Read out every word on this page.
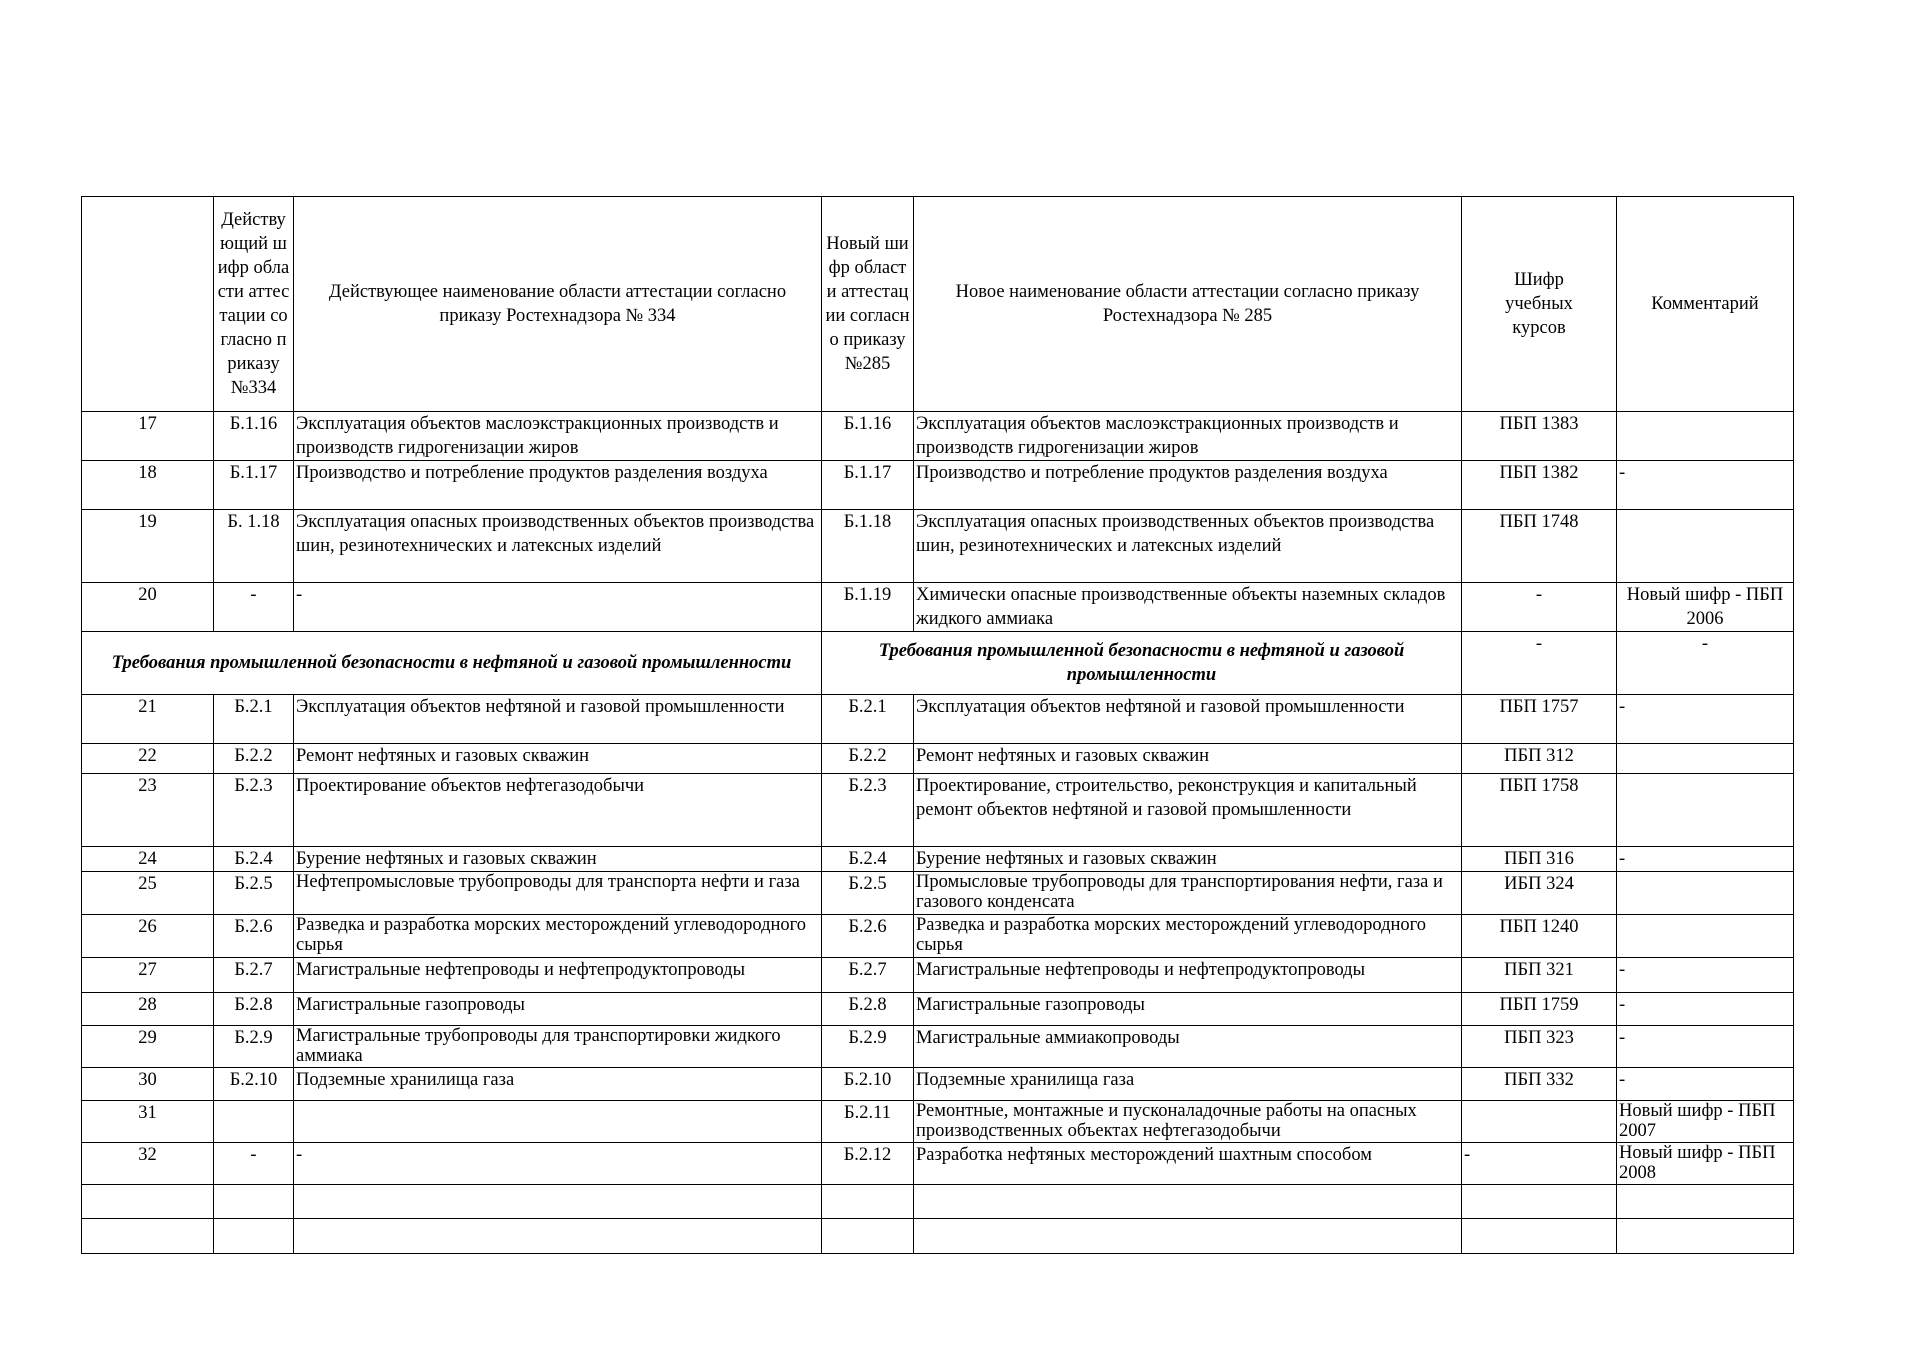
	Действующий шифр области аттестации согласно приказу №334	Действующее наименование области аттестации согласно приказу Ростехнадзора № 334	Новый шифр области аттестации согласно приказу №285	Новое наименование области аттестации согласно приказу Ростехнадзора № 285	Шифр учебных курсов	Комментарий
17	Б.1.16	Эксплуатация объектов маслоэкстракционных производств и производств гидрогенизации жиров	Б.1.16	Эксплуатация объектов маслоэкстракционных производств и производств гидрогенизации жиров	ПБП 1383	
18	Б.1.17	Производство и потребление продуктов разделения воздуха	Б.1.17	Производство и потребление продуктов разделения воздуха	ПБП 1382	-
19	Б. 1.18	Эксплуатация опасных производственных объектов производства шин, резинотехнических и латексных изделий	Б.1.18	Эксплуатация опасных производственных объектов производства шин, резинотехнических и латексных изделий	ПБП 1748	
20	-	-	Б.1.19	Химически опасные производственные объекты наземных складов жидкого аммиака	-	Новый шифр - ПБП 2006
Требования промышленной безопасности в нефтяной и газовой промышленности			Требования промышленной безопасности в нефтяной и газовой промышленности		-	-
21	Б.2.1	Эксплуатация объектов нефтяной и газовой промышленности	Б.2.1	Эксплуатация объектов нефтяной и газовой промышленности	ПБП 1757	-
22	Б.2.2	Ремонт нефтяных и газовых скважин	Б.2.2	Ремонт нефтяных и газовых скважин	ПБП 312	
23	Б.2.3	Проектирование объектов нефтегазодобычи	Б.2.3	Проектирование, строительство, реконструкция и капитальный ремонт объектов нефтяной и газовой промышленности	ПБП 1758	
24	Б.2.4	Бурение нефтяных и газовых скважин	Б.2.4	Бурение нефтяных и газовых скважин	ПБП 316	-
25	Б.2.5	Нефтепромысловые трубопроводы для транспорта нефти и газа	Б.2.5	Промысловые трубопроводы для транспортирования нефти, газа и газового конденсата	ИБП 324	
26	Б.2.6	Разведка и разработка морских месторождений углеводородного сырья	Б.2.6	Разведка и разработка морских месторождений углеводородного сырья	ПБП 1240	
27	Б.2.7	Магистральные нефтепроводы и нефтепродуктопроводы	Б.2.7	Магистральные нефтепроводы и нефтепродуктопроводы	ПБП 321	-
28	Б.2.8	Магистральные газопроводы	Б.2.8	Магистральные газопроводы	ПБП 1759	-
29	Б.2.9	Магистральные трубопроводы для транспортировки жидкого аммиака	Б.2.9	Магистральные аммиакопроводы	ПБП 323	-
30	Б.2.10	Подземные хранилища газа	Б.2.10	Подземные хранилища газа	ПБП 332	-
31			Б.2.11	Ремонтные, монтажные и пусконаладочные работы на опасных производственных объектах нефтегазодобычи		Новый шифр - ПБП 2007
32	-	-	Б.2.12	Разработка нефтяных месторождений шахтным способом	-	Новый шифр - ПБП 2008
